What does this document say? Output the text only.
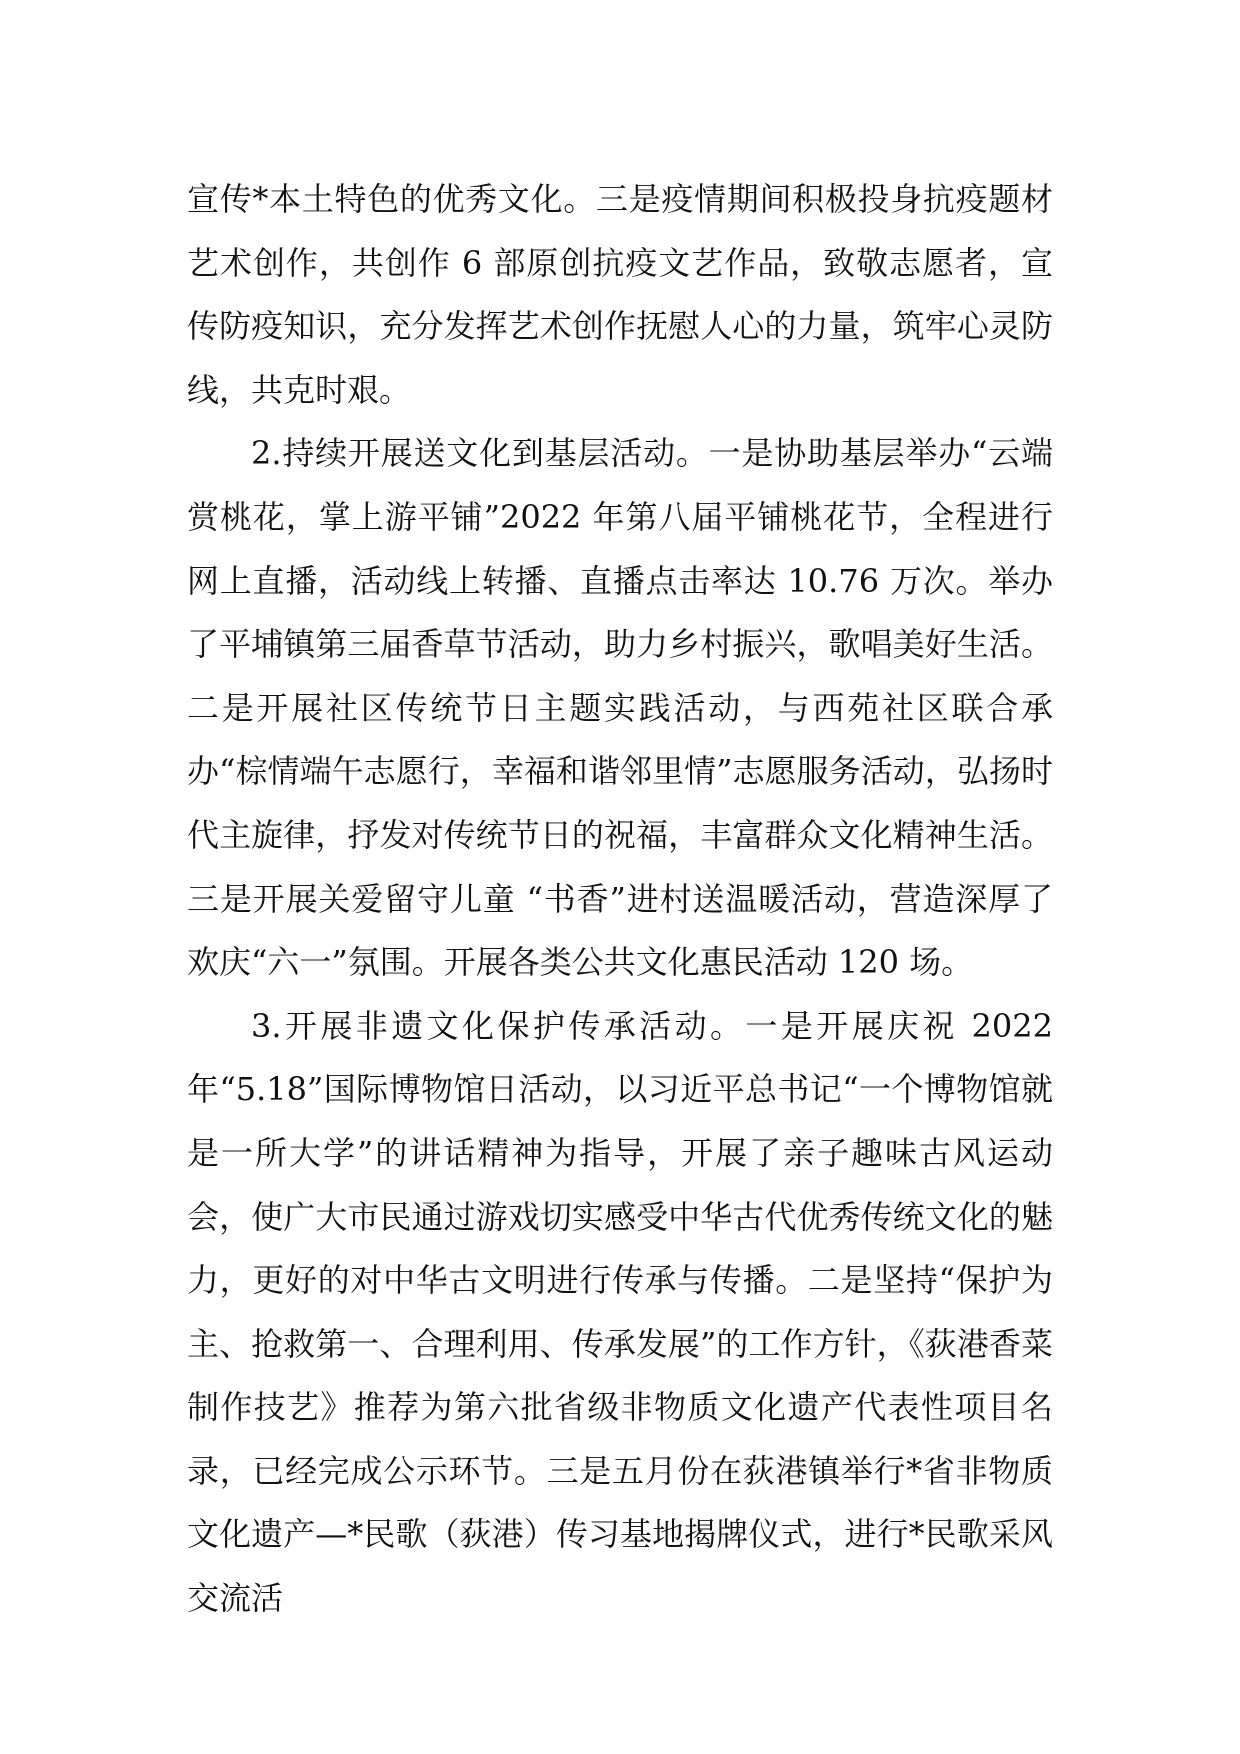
宣传*本土特色的优秀文化。三是疫情期间积极投身抗疫题材艺术创作，共创作 6 部原创抗疫文艺作品，致敬志愿者，宣传防疫知识，充分发挥艺术创作抚慰人心的力量，筑牢心灵防线，共克时艰。

2.持续开展送文化到基层活动。一是协助基层举办“云端赏桃花，掌上游平铺”2022 年第八届平铺桃花节，全程进行网上直播，活动线上转播、直播点击率达 10.76 万次。举办了平埔镇第三届香草节活动，助力乡村振兴，歌唱美好生活。二是开展社区传统节日主题实践活动，与西苑社区联合承办“棕情端午志愿行，幸福和谐邻里情”志愿服务活动，弘扬时代主旋律，抒发对传统节日的祝福，丰富群众文化精神生活。三是开展关爱留守儿童 “书香”进村送温暖活动，营造深厚了欢庆“六一”氛围。开展各类公共文化惠民活动 120 场。

3.开展非遗文化保护传承活动。一是开展庆祝 2022 年“5.18”国际博物馆日活动，以习近平总书记“一个博物馆就是一所大学”的讲话精神为指导，开展了亲子趣味古风运动会，使广大市民通过游戏切实感受中华古代优秀传统文化的魅力，更好的对中华古文明进行传承与传播。二是坚持“保护为主、抢救第一、合理利用、传承发展”的工作方针，《荻港香菜制作技艺》推荐为第六批省级非物质文化遗产代表性项目名录，已经完成公示环节。三是五月份在荻港镇举行*省非物质文化遗产—*民歌（荻港）传习基地揭牌仪式，进行*民歌采风交流活
